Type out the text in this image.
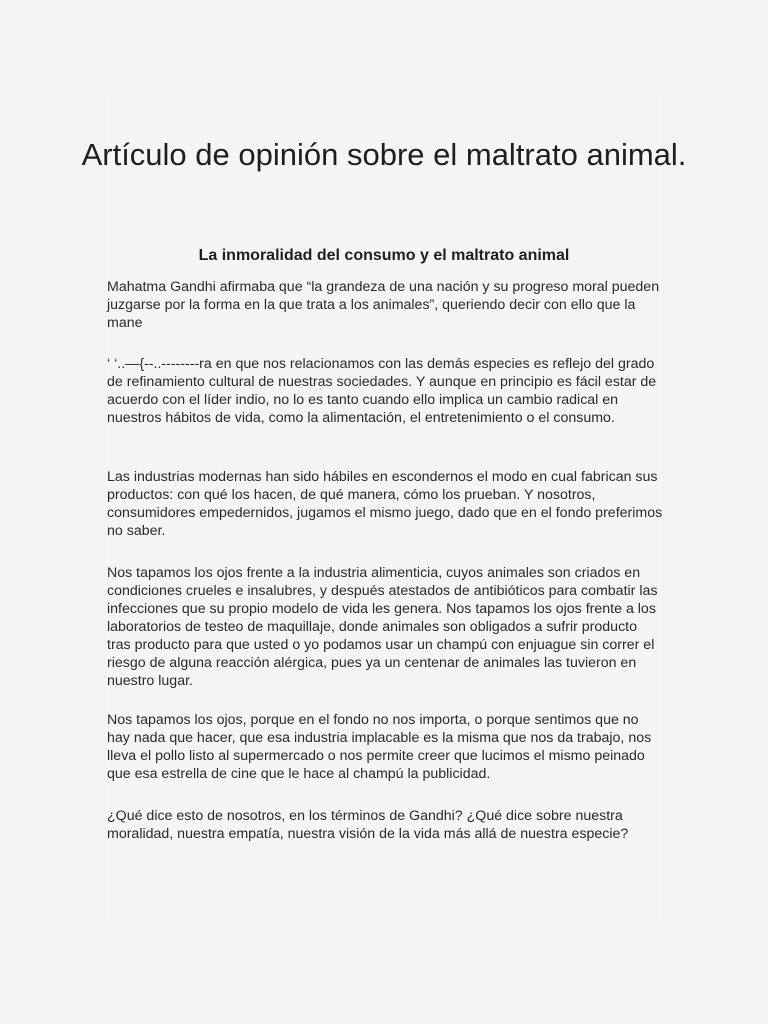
Artículo de opinión sobre el maltrato animal.
La inmoralidad del consumo y el maltrato animal

Mahatma Gandhi afirmaba que “la grandeza de una nación y su progreso moral pueden juzgarse por la forma en la que trata a los animales”, queriendo decir con ello que la mane

‘ ‘..—{--..--------ra en que nos relacionamos con las demás especies es reflejo del grado de refinamiento cultural de nuestras sociedades. Y aunque en principio es fácil estar de acuerdo con el líder indio, no lo es tanto cuando ello implica un cambio radical en nuestros hábitos de vida, como la alimentación, el entretenimiento o el consumo.

Las industrias modernas han sido hábiles en escondernos el modo en cual fabrican sus productos: con qué los hacen, de qué manera, cómo los prueban. Y nosotros, consumidores empedernidos, jugamos el mismo juego, dado que en el fondo preferimos no saber.

Nos tapamos los ojos frente a la industria alimenticia, cuyos animales son criados en condiciones crueles e insalubres, y después atestados de antibióticos para combatir las infecciones que su propio modelo de vida les genera. Nos tapamos los ojos frente a los laboratorios de testeo de maquillaje, donde animales son obligados a sufrir producto tras producto para que usted o yo podamos usar un champú con enjuague sin correr el riesgo de alguna reacción alérgica, pues ya un centenar de animales las tuvieron en nuestro lugar.

Nos tapamos los ojos, porque en el fondo no nos importa, o porque sentimos que no hay nada que hacer, que esa industria implacable es la misma que nos da trabajo, nos lleva el pollo listo al supermercado o nos permite creer que lucimos el mismo peinado que esa estrella de cine que le hace al champú la publicidad.

¿Qué dice esto de nosotros, en los términos de Gandhi? ¿Qué dice sobre nuestra moralidad, nuestra empatía, nuestra visión de la vida más allá de nuestra especie?
